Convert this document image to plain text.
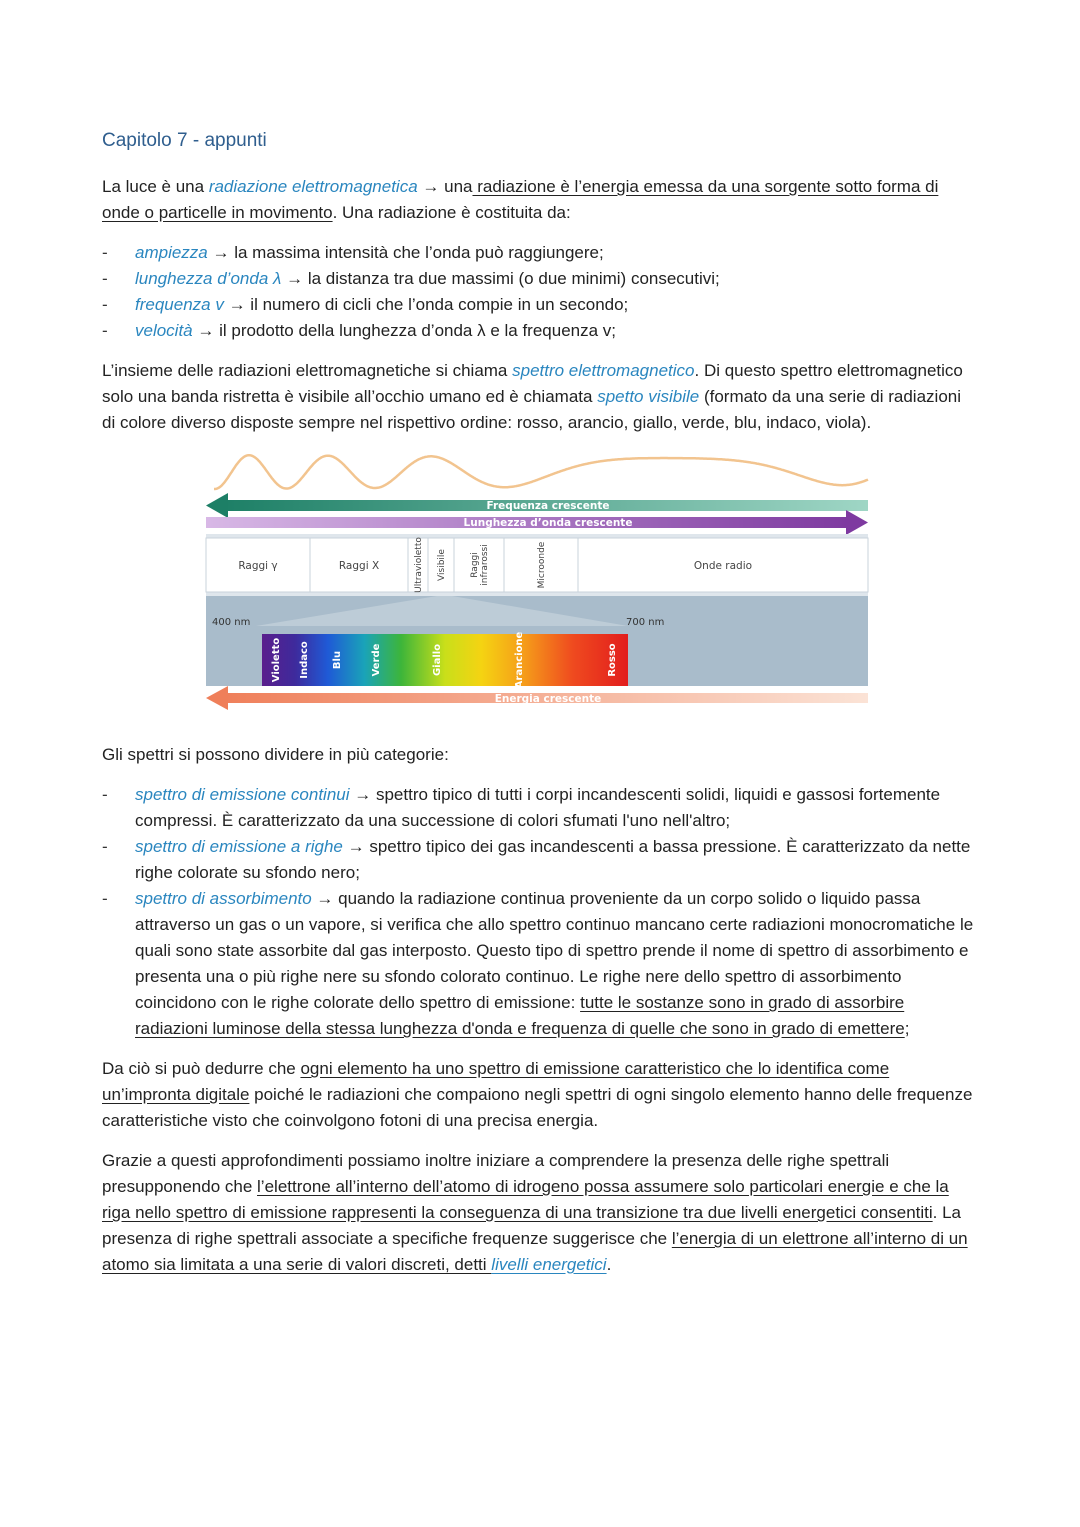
Capitolo 7 - appunti

La luce è una radiazione elettromagnetica → una radiazione è l’energia emessa da una sorgente sotto forma di onde o particelle in movimento. Una radiazione è costituita da:

- ampiezza → la massima intensità che l’onda può raggiungere;
- lunghezza d’onda λ → la distanza tra due massimi (o due minimi) consecutivi;
- frequenza v → il numero di cicli che l’onda compie in un secondo;
- velocità → il prodotto della lunghezza d’onda λ e la frequenza v;

L’insieme delle radiazioni elettromagnetiche si chiama spettro elettromagnetico. Di questo spettro elettromagnetico solo una banda ristretta è visibile all’occhio umano ed è chiamata spetto visibile (formato da una serie di radiazioni di colore diverso disposte sempre nel rispettivo ordine: rosso, arancio, giallo, verde, blu, indaco, viola).

Frequenza crescente
Lunghezza d’onda crescente
Raggi γ	Raggi X	Ultravioletto Visibile	Raggi infrarossi	Microonde	Onde radio
400 nm	700 nm
Violetto Indaco Blu	Verde	Giallo	Arancione	Rosso
Energia crescente

Gli spettri si possono dividere in più categorie:

- spettro di emissione continui → spettro tipico di tutti i corpi incandescenti solidi, liquidi e gassosi fortemente compressi. È caratterizzato da una successione di colori sfumati l'uno nell'altro;
- spettro di emissione a righe → spettro tipico dei gas incandescenti a bassa pressione. È caratterizzato da nette righe colorate su sfondo nero;
- spettro di assorbimento → quando la radiazione continua proveniente da un corpo solido o liquido passa attraverso un gas o un vapore, si verifica che allo spettro continuo mancano certe radiazioni monocromatiche le quali sono state assorbite dal gas interposto. Questo tipo di spettro prende il nome di spettro di assorbimento e presenta una o più righe nere su sfondo colorato continuo. Le righe nere dello spettro di assorbimento coincidono con le righe colorate dello spettro di emissione: tutte le sostanze sono in grado di assorbire radiazioni luminose della stessa lunghezza d'onda e frequenza di quelle che sono in grado di emettere;

Da ciò si può dedurre che ogni elemento ha uno spettro di emissione caratteristico che lo identifica come un’impronta digitale poiché le radiazioni che compaiono negli spettri di ogni singolo elemento hanno delle frequenze caratteristiche visto che coinvolgono fotoni di una precisa energia.

Grazie a questi approfondimenti possiamo inoltre iniziare a comprendere la presenza delle righe spettrali presupponendo che l’elettrone all’interno dell’atomo di idrogeno possa assumere solo particolari energie e che la riga nello spettro di emissione rappresenti la conseguenza di una transizione tra due livelli energetici consentiti. La presenza di righe spettrali associate a specifiche frequenze suggerisce che l’energia di un elettrone all’interno di un atomo sia limitata a una serie di valori discreti, detti livelli energetici.
